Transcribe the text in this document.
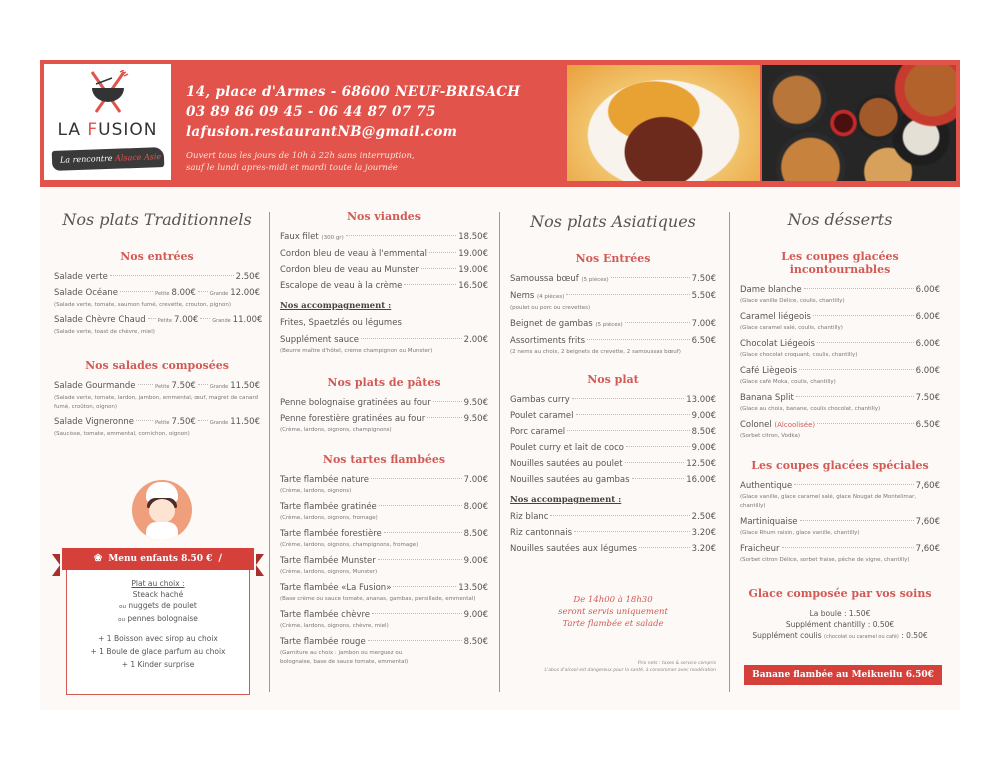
LA FUSION
La rencontre Alsace Asie
14, place d'Armes - 68600 NEUF-BRISACH
03 89 86 09 45 - 06 44 87 07 75
lafusion.restaurantNB@gmail.com
Ouvert tous les jours de 10h à 22h sans interruption,
sauf le lundi apres-midi et mardi toute la journée
Nos plats Traditionnels
Nos entrées
Salade verte	2.50€
Salade Océane	Petite 8.00€	Grande 12.00€
(Salade verte, tomate, saumon fumé, crevette, crouton, pignon)
Salade Chèvre Chaud Petite 7.00€	Grande 11.00€
(Salade verte, toast de chèvre, miel)
Nos salades composées
Salade Gourmande	Petite 7.50€	Grande 11.50€
(Salade verte, tomate, lardon, jambon, emmental, œuf, magret de canard fumé, croûton, oignon)
Salade Vigneronne	Petite 7.50€	Grande 11.50€
(Saucisse, tomate, emmental, cornichon, oignon)
❀ Menu enfants 8.50 € ∕
Plat au choix :
Steack haché
ou nuggets de poulet
ou pennes bolognaise
+ 1 Boisson avec sirop au choix
+ 1 Boule de glace parfum au choix
+ 1 Kinder surprise
Nos viandes
Faux filet (300 gr)	18.50€
Cordon bleu de veau à l'emmental	19.00€
Cordon bleu de veau au Munster	19.00€
Escalope de veau à la crème	16.50€
Nos accompagnement :
Frites, Spaetzlés ou légumes
Supplément sauce	2.00€
(Beurre maître d'hôtel, crème champignon ou Munster)
Nos plats de pâtes
Penne bolognaise gratinées au four	9.50€
Penne forestière gratinées au four	9.50€
(Crème, lardons, oignons, champignons)
Nos tartes flambées
Tarte flambée nature	7.00€
(Crème, lardons, oignons)
Tarte flambée gratinée	8.00€
(Crème, lardons, oignons, fromage)
Tarte flambée forestière	8.50€
(Crème, lardons, oignons, champignons, fromage)
Tarte flambée Munster	9.00€
(Crème, lardons, oignons, Munster)
Tarte flambée «La Fusion»	13.50€
(Base crème ou sauce tomate, ananas, gambas, persillade, emmental)
Tarte flambée chèvre	9.00€
(Crème, lardons, oignons, chèvre, miel)
Tarte flambée rouge	8.50€
(Garniture au choix : jambon ou merguez ou bolognaise, base de sauce tomate, emmental)
Nos plats Asiatiques
Nos Entrées
Samoussa bœuf (5 pièces)	7.50€
Nems (4 pièces)	5.50€
(poulet ou porc ou crevettes)
Beignet de gambas (5 pièces)	7.00€
Assortiments frits	6.50€
(2 nems au choix, 2 beignets de crevette, 2 samoussas bœuf)
Nos plat
Gambas curry	13.00€
Poulet caramel	9.00€
Porc caramel	8.50€
Poulet curry et lait de coco	9.00€
Nouilles sautées au poulet	12.50€
Nouilles sautées au gambas	16.00€
Nos accompagnement :
Riz blanc	2.50€
Riz cantonnais	3.20€
Nouilles sautées aux légumes	3.20€
De 14h00 à 18h30
seront servis uniquement
Tarte flambée et salade
Prix nets : taxes & service compris
L'abus d'alcool est dangereux pour la santé, à consommer avec modération
Nos désserts
Les coupes glacées incontournables
Dame blanche	6.00€
(Glace vanille Délice, coulis, chantilly)
Caramel liégeois	6.00€
(Glace caramel salé, coulis, chantilly)
Chocolat Liégeois	6.00€
(Glace chocolat croquant, coulis, chantilly)
Café Liègeois	6.00€
(Glace café Moka, coulis, chantilly)
Banana Split	7.50€
(Glace au choix, banane, coulis chocolat, chantilly)
Colonel (Alcoolisée)	6.50€
(Sorbet citron, Vodka)
Les coupes glacées spéciales
Authentique	7,60€
(Glace vanille, glace caramel salé, glace Nougat de Montelimar, chantilly)
Martiniquaise	7,60€
(Glace Rhum raisin, glace vanille, chantilly)
Fraicheur	7,60€
(Sorbet citron Délice, sorbet fraise, pêche de vigne, chantilly)
Glace composée par vos soins
La boule : 1.50€
Supplément chantilly : 0.50€
Supplément coulis (chocolat ou caramel ou café) : 0.50€
Banane flambée au Meikueilu 6.50€
